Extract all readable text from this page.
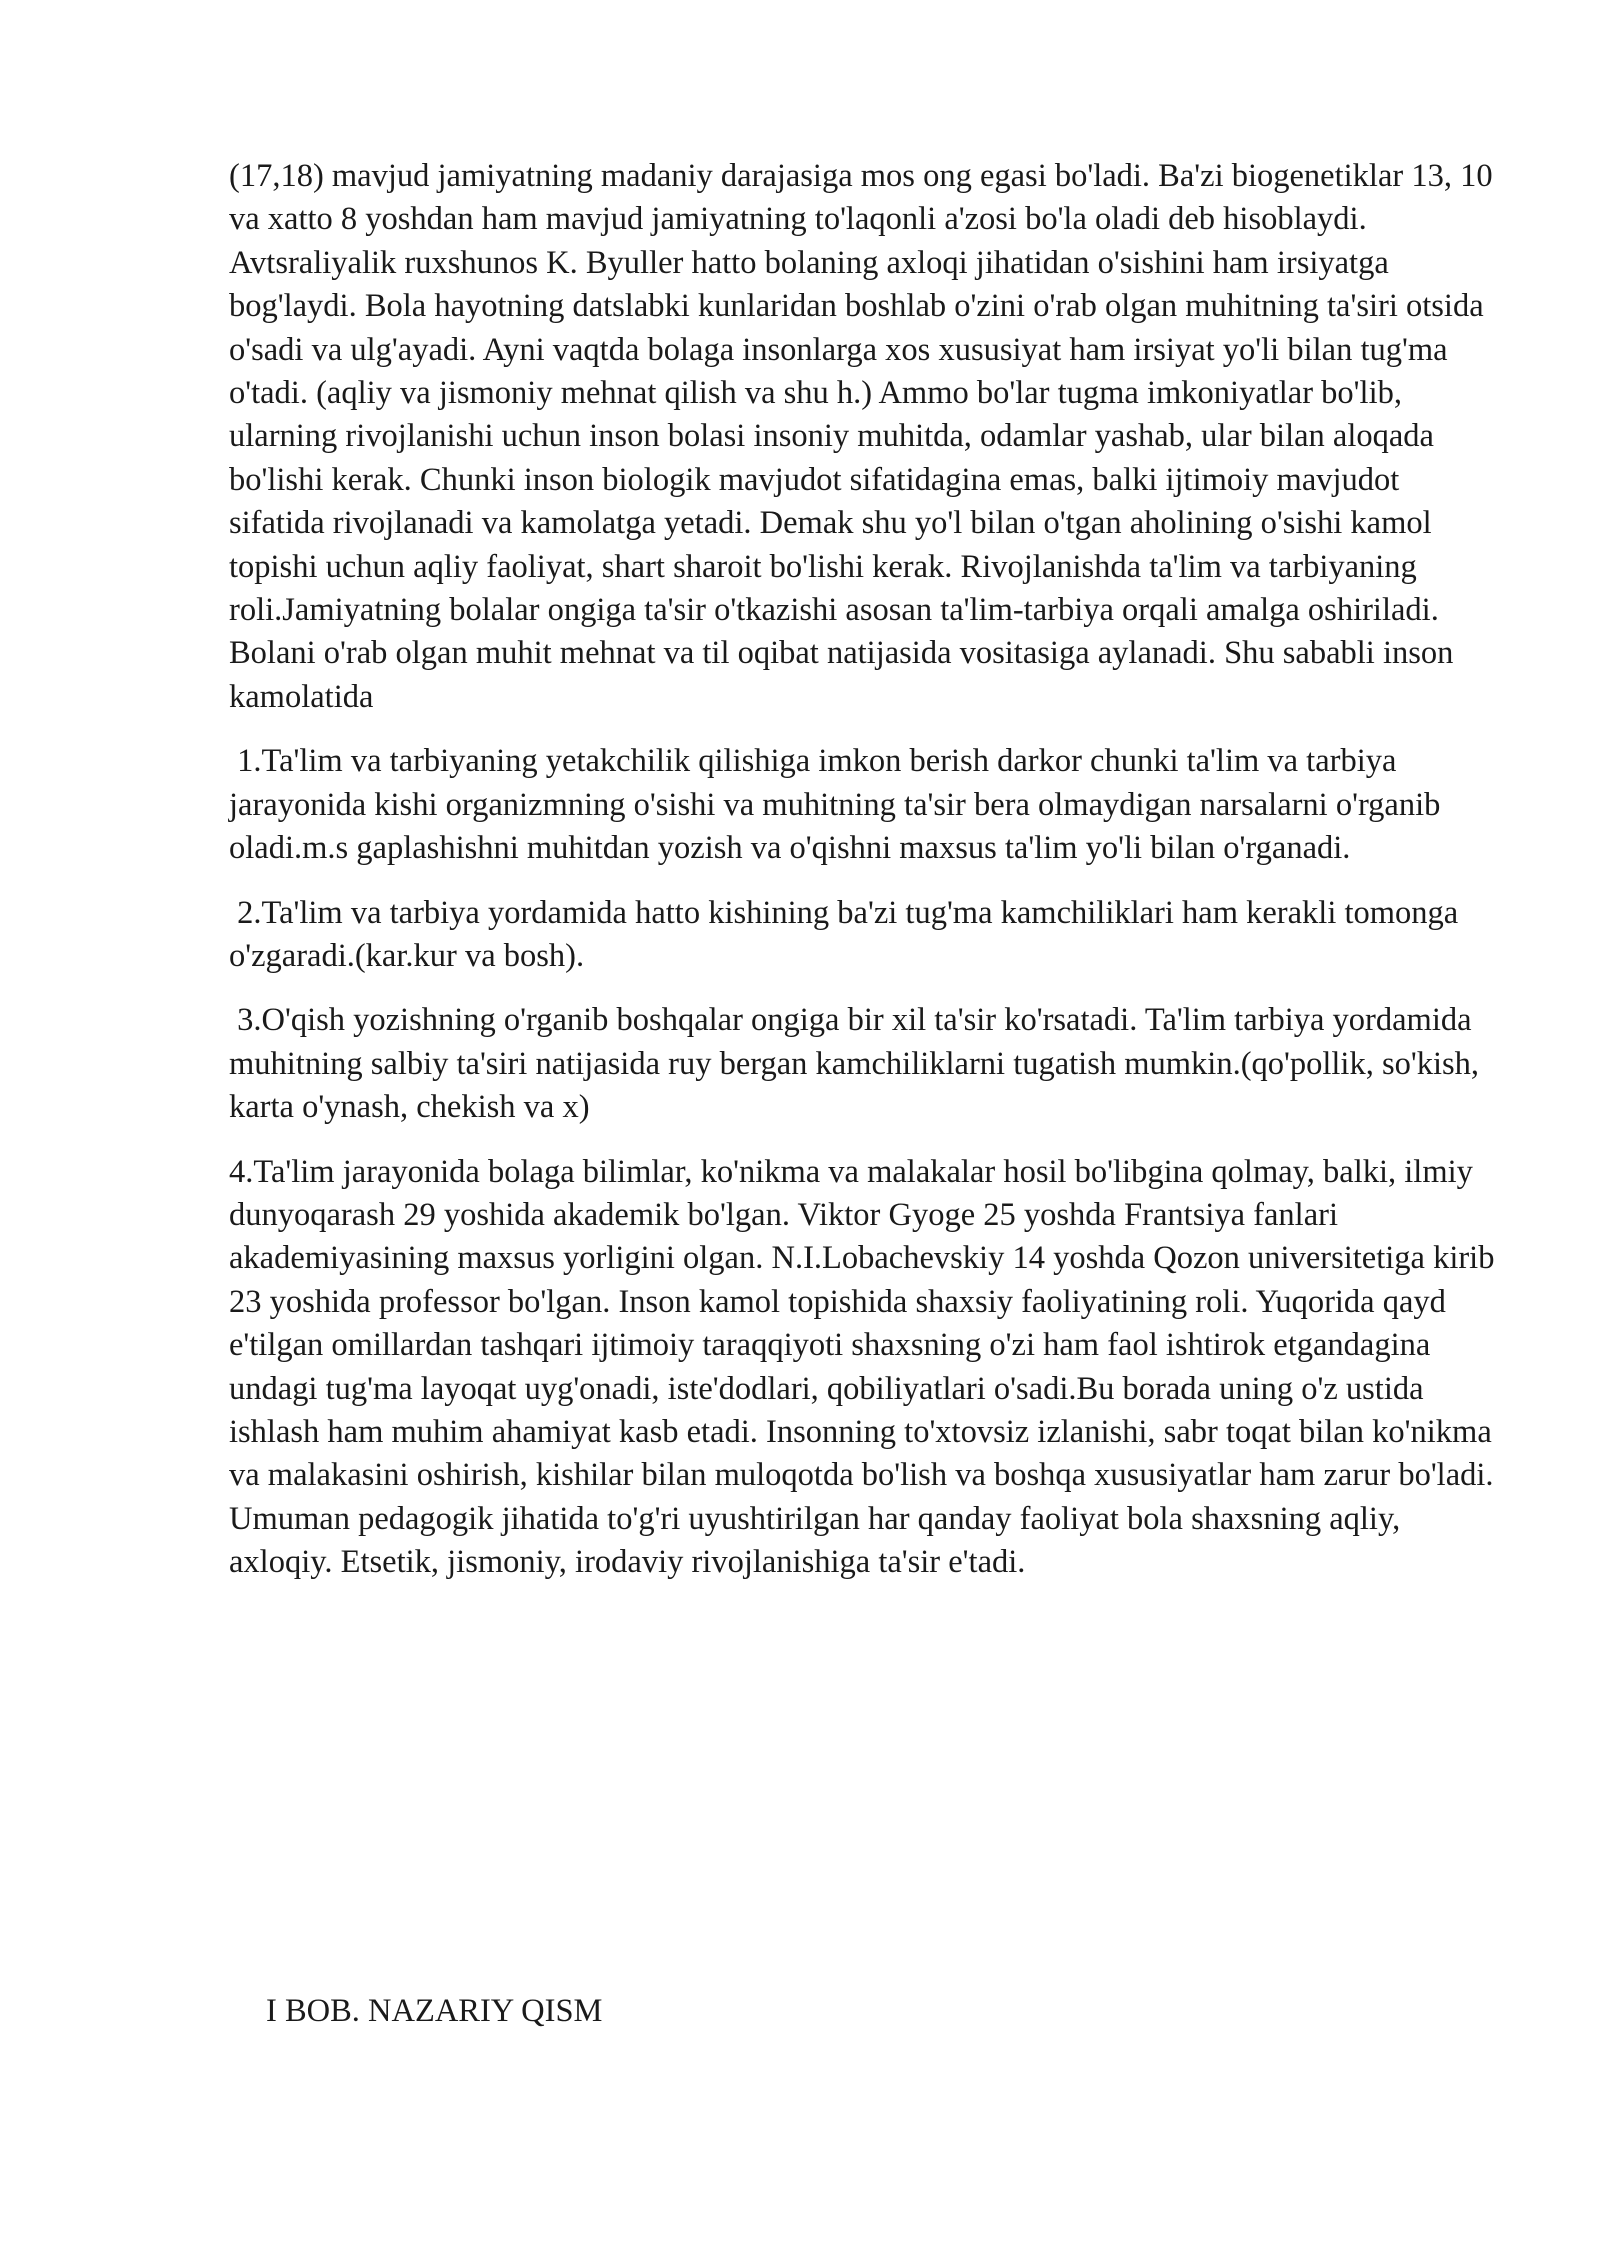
(17,18) mavjud jamiyatning madaniy darajasiga mos ong egasi bo'ladi. Ba'zi biogenetiklar 13, 10 va xatto 8 yoshdan ham mavjud jamiyatning to'laqonli a'zosi bo'la oladi deb hisoblaydi. Avtsraliyalik ruxshunos K. Byuller hatto bolaning axloqi jihatidan o'sishini ham irsiyatga bog'laydi. Bola hayotning datslabki kunlaridan boshlab o'zini o'rab olgan muhitning ta'siri otsida o'sadi va ulg'ayadi. Ayni vaqtda bolaga insonlarga xos xususiyat ham irsiyat yo'li bilan tug'ma o'tadi. (aqliy va jismoniy mehnat qilish va shu h.) Ammo bo'lar tugma imkoniyatlar bo'lib, ularning rivojlanishi uchun inson bolasi insoniy muhitda, odamlar yashab, ular bilan aloqada bo'lishi kerak. Chunki inson biologik mavjudot sifatidagina emas, balki ijtimoiy mavjudot sifatida rivojlanadi va kamolatga yetadi. Demak shu yo'l bilan o'tgan aholining o'sishi kamol topishi uchun aqliy faoliyat, shart sharoit bo'lishi kerak. Rivojlanishda ta'lim va tarbiyaning roli.Jamiyatning bolalar ongiga ta'sir o'tkazishi asosan ta'lim-tarbiya orqali amalga oshiriladi. Bolani o'rab olgan muhit mehnat va til oqibat natijasida vositasiga aylanadi. Shu sababli inson kamolatida

1.Ta'lim va tarbiyaning yetakchilik qilishiga imkon berish darkor chunki ta'lim va tarbiya jarayonida kishi organizmning o'sishi va muhitning ta'sir bera olmaydigan narsalarni o'rganib oladi.m.s gaplashishni muhitdan yozish va o'qishni maxsus ta'lim yo'li bilan o'rganadi.

2.Ta'lim va tarbiya yordamida hatto kishining ba'zi tug'ma kamchiliklari ham kerakli tomonga o'zgaradi.(kar.kur va bosh).

3.O'qish yozishning o'rganib boshqalar ongiga bir xil ta'sir ko'rsatadi. Ta'lim tarbiya yordamida muhitning salbiy ta'siri natijasida ruy bergan kamchiliklarni tugatish mumkin.(qo'pollik, so'kish, karta o'ynash, chekish va x)

4.Ta'lim jarayonida bolaga bilimlar, ko'nikma va malakalar hosil bo'libgina qolmay, balki, ilmiy dunyoqarash 29 yoshida akademik bo'lgan. Viktor Gyoge 25 yoshda Frantsiya fanlari akademiyasining maxsus yorligini olgan. N.I.Lobachevskiy 14 yoshda Qozon universitetiga kirib 23 yoshida professor bo'lgan. Inson kamol topishida shaxsiy faoliyatining roli. Yuqorida qayd e'tilgan omillardan tashqari ijtimoiy taraqqiyoti shaxsning o'zi ham faol ishtirok etgandagina undagi tug'ma layoqat uyg'onadi, iste'dodlari, qobiliyatlari o'sadi.Bu borada uning o'z ustida ishlash ham muhim ahamiyat kasb etadi. Insonning to'xtovsiz izlanishi, sabr toqat bilan ko'nikma va malakasini oshirish, kishilar bilan muloqotda bo'lish va boshqa xususiyatlar ham zarur bo'ladi. Umuman pedagogik jihatida to'g'ri uyushtirilgan har qanday faoliyat bola shaxsning aqliy, axloqiy. Etsetik, jismoniy, irodaviy rivojlanishiga ta'sir e'tadi.

I BOB. NAZARIY QISM
